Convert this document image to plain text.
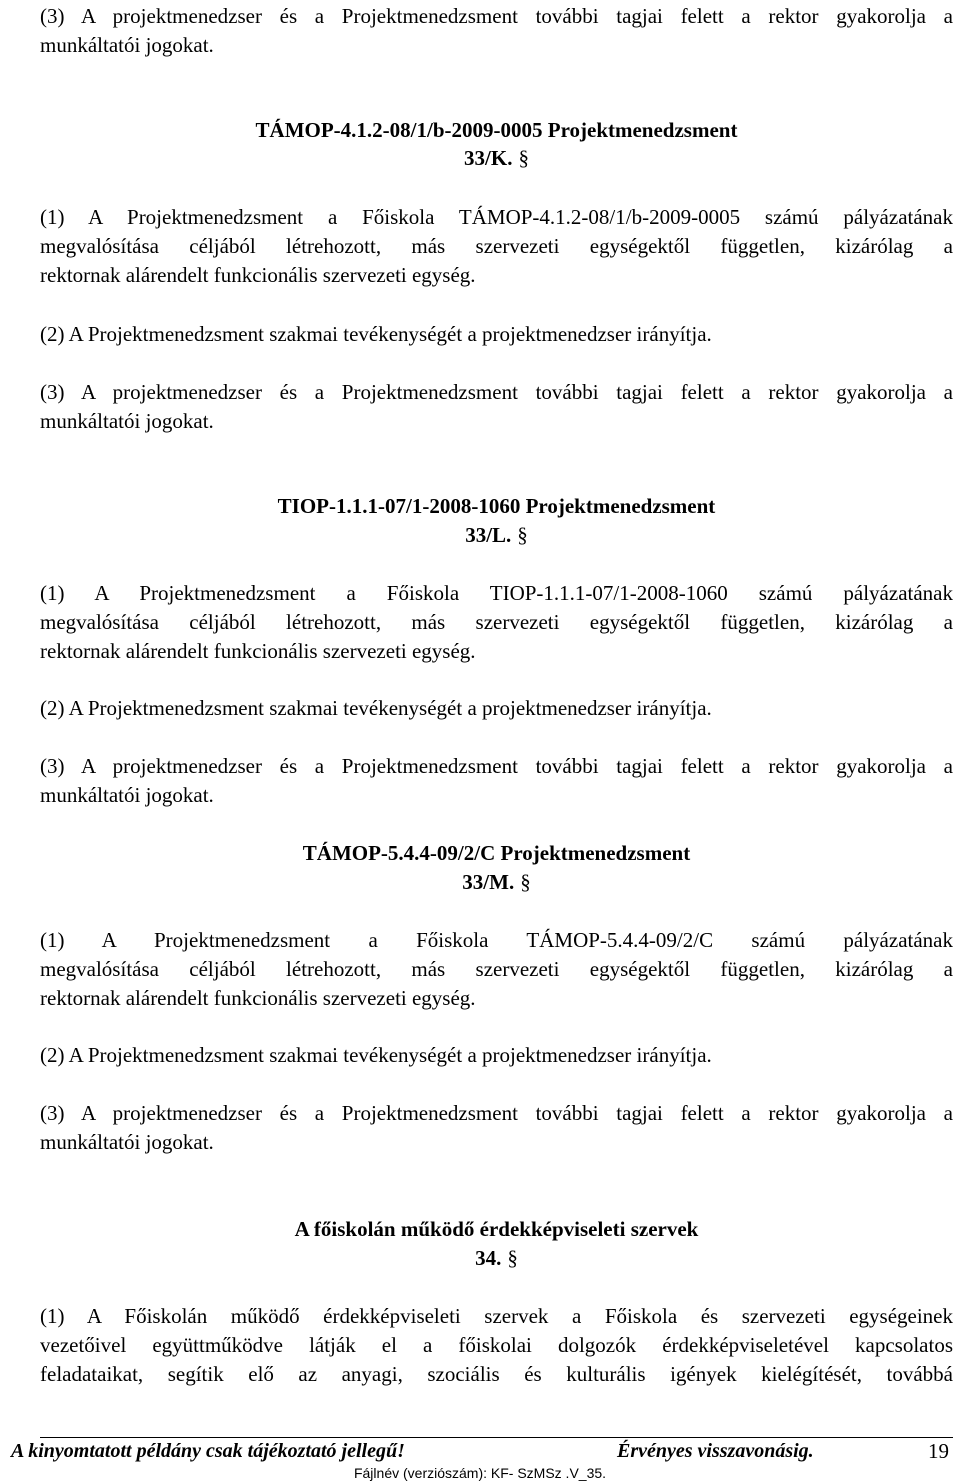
(3) A projektmenedzser és a Projektmenedzsment további tagjai felett a rektor gyakorolja a
munkáltatói jogokat.
TÁMOP-4.1.2-08/1/b-2009-0005 Projektmenedzsment
33/K. §
(1) A Projektmenedzsment a Főiskola TÁMOP-4.1.2-08/1/b-2009-0005 számú pályázatának
megvalósítása céljából létrehozott, más szervezeti egységektől független, kizárólag a
rektornak alárendelt funkcionális szervezeti egység.
(2) A Projektmenedzsment szakmai tevékenységét a projektmenedzser irányítja.
(3) A projektmenedzser és a Projektmenedzsment további tagjai felett a rektor gyakorolja a
munkáltatói jogokat.
TIOP-1.1.1-07/1-2008-1060 Projektmenedzsment
33/L. §
(1) A Projektmenedzsment a Főiskola TIOP-1.1.1-07/1-2008-1060 számú pályázatának
megvalósítása céljából létrehozott, más szervezeti egységektől független, kizárólag a
rektornak alárendelt funkcionális szervezeti egység.
(2) A Projektmenedzsment szakmai tevékenységét a projektmenedzser irányítja.
(3) A projektmenedzser és a Projektmenedzsment további tagjai felett a rektor gyakorolja a
munkáltatói jogokat.
TÁMOP-5.4.4-09/2/C Projektmenedzsment
33/M. §
(1) A Projektmenedzsment a Főiskola TÁMOP-5.4.4-09/2/C számú pályázatának
megvalósítása céljából létrehozott, más szervezeti egységektől független, kizárólag a
rektornak alárendelt funkcionális szervezeti egység.
(2) A Projektmenedzsment szakmai tevékenységét a projektmenedzser irányítja.
(3) A projektmenedzser és a Projektmenedzsment további tagjai felett a rektor gyakorolja a
munkáltatói jogokat.
A főiskolán működő érdekképviseleti szervek
34. §
(1) A Főiskolán működő érdekképviseleti szervek a Főiskola és szervezeti egységeinek
vezetőivel együttműködve látják el a főiskolai dolgozók érdekképviseletével kapcsolatos
feladataikat, segítik elő az anyagi, szociális és kulturális igények kielégítését, továbbá
A kinyomtatott példány csak tájékoztató jellegű!	Érvényes visszavonásig.	19
Fájlnév (verziószám): KF- SzMSz .V_35.
